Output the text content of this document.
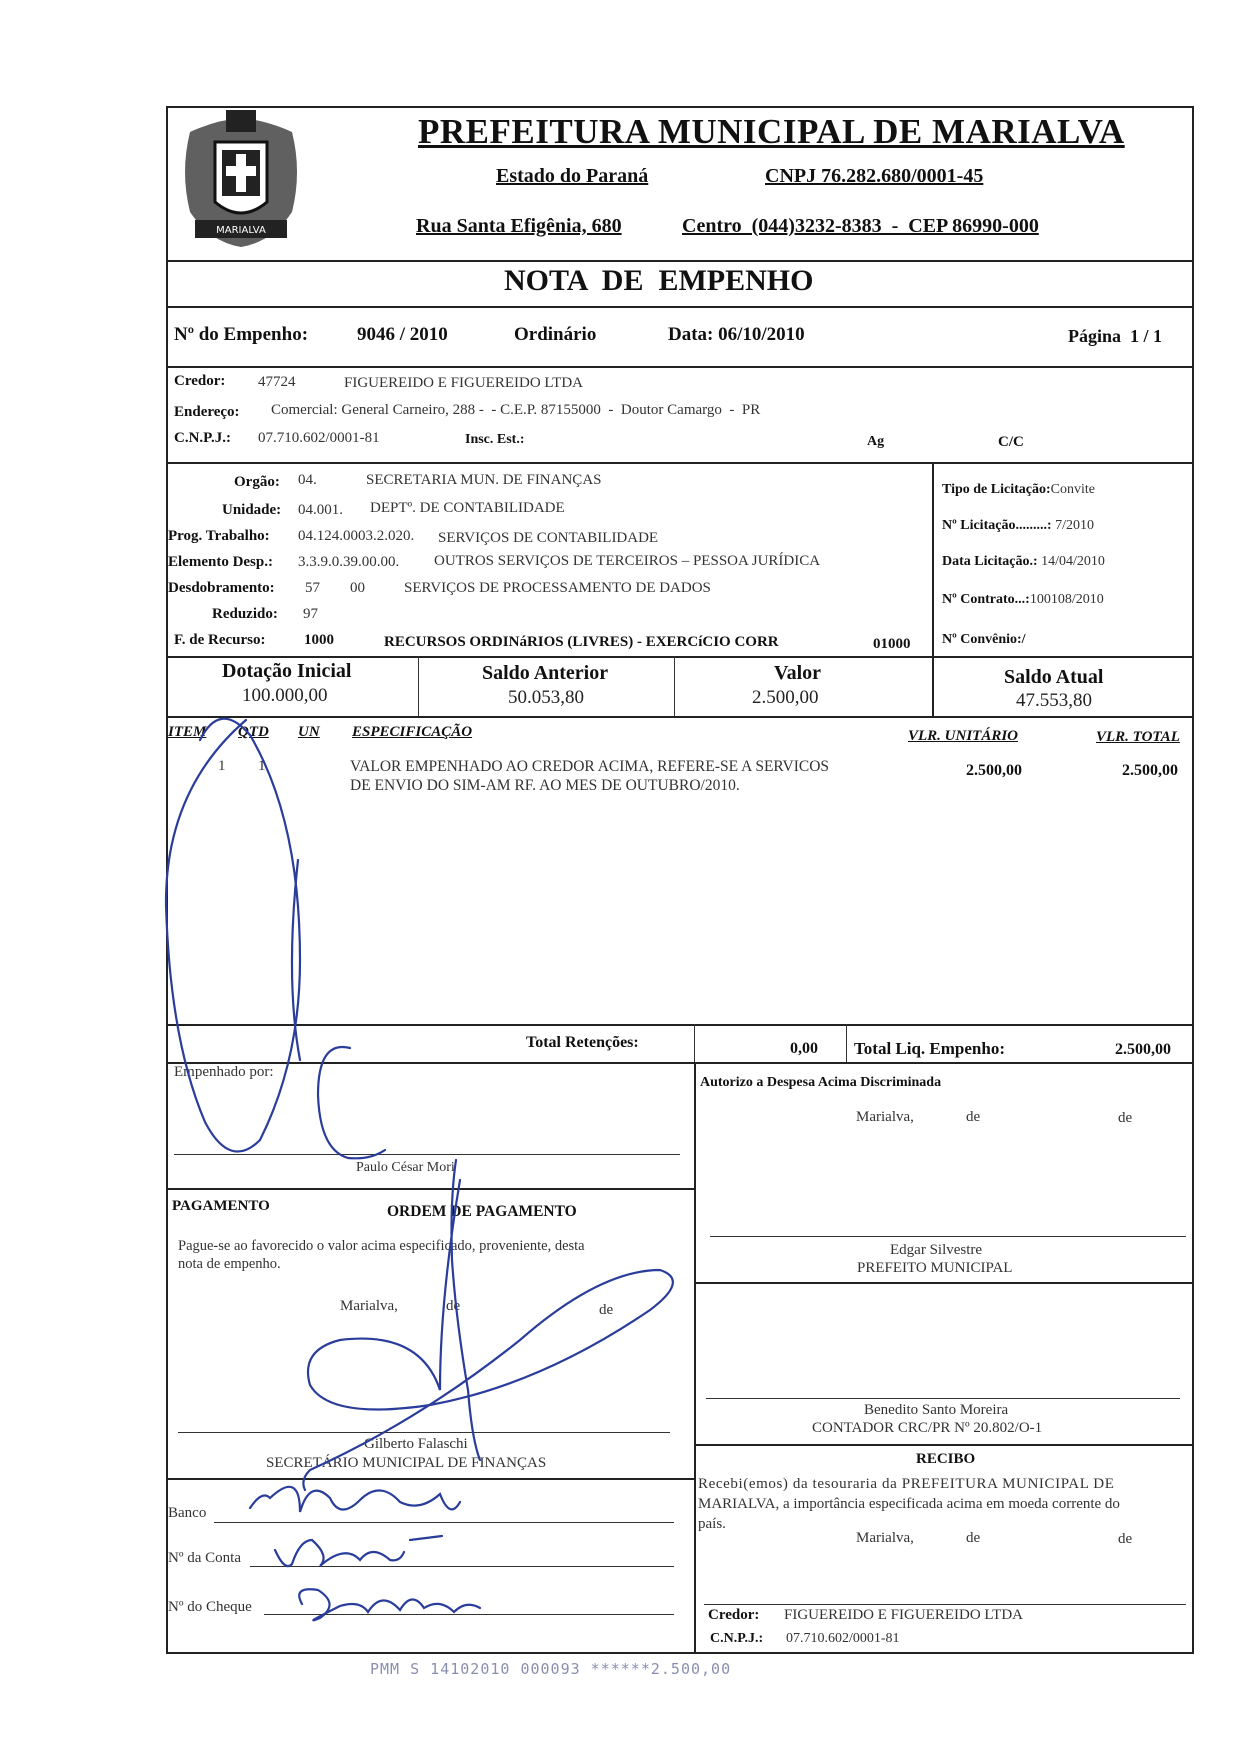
MARIALVA
PREFEITURA MUNICIPAL DE MARIALVA
Estado do Paraná	CNPJ 76.282.680/0001-45
Rua Santa Efigênia, 680	Centro  (044)3232-8383  -  CEP 86990-000
NOTA  DE  EMPENHO
Nº do Empenho:	9046 / 2010	Ordinário	Data: 06/10/2010	Página  1 / 1
Credor: 47724	FIGUEREIDO E FIGUEREIDO LTDA
Endereço: Comercial: General Carneiro, 288 -  - C.E.P. 87155000  -  Doutor Camargo  -  PR
C.N.P.J.: 07.710.602/0001-81	Insc. Est.:	Ag	C/C
Orgão: 04.	SECRETARIA MUN. DE FINANÇAS
Unidade: 04.001. DEPTº. DE CONTABILIDADE
Prog. Trabalho: 04.124.0003.2.020. SERVIÇOS DE CONTABILIDADE
Elemento Desp.: 3.3.9.0.39.00.00. OUTROS SERVIÇOS DE TERCEIROS – PESSOA JURÍDICA
Desdobramento: 57 00	SERVIÇOS DE PROCESSAMENTO DE DADOS
Reduzido: 97
F. de Recurso:	1000	RECURSOS ORDINáRIOS (LIVRES) - EXERCíCIO CORR	01000
Tipo de Licitação:Convite
Nº Licitação.........: 7/2010
Data Licitação.: 14/04/2010
Nº Contrato...:100108/2010
Nº Convênio:/
Dotação Inicial
100.000,00
Saldo Anterior
50.053,80
Valor
2.500,00
Saldo Atual
47.553,80
ITEM QTD UN ESPECIFICAÇÃO	VLR. UNITÁRIO	VLR. TOTAL
1 1	VALOR EMPENHADO AO CREDOR ACIMA, REFERE-SE A SERVICOS
DE ENVIO DO SIM-AM RF. AO MES DE OUTUBRO/2010.
2.500,00	2.500,00
Total Retenções:	0,00 Total Liq. Empenho:	2.500,00
Empenhado por:
Paulo César Mori
Autorizo a Despesa Acima Discriminada
Marialva,	de	de
PAGAMENTO	ORDEM DE PAGAMENTO
Pague-se ao favorecido o valor acima especificado, proveniente, desta
nota de empenho.
Marialva,	de	de
Edgar Silvestre
PREFEITO MUNICIPAL
Gilberto Falaschi
SECRETÁRIO MUNICIPAL DE FINANÇAS
Benedito Santo Moreira
CONTADOR CRC/PR Nº 20.802/O-1
Banco
Nº da Conta
Nº do Cheque
RECIBO
Recebi(emos) da tesouraria da PREFEITURA MUNICIPAL DE
MARIALVA, a importância especificada acima em moeda corrente do
país.
Marialva,	de	de
Credor: FIGUEREIDO E FIGUEREIDO LTDA
C.N.P.J.: 07.710.602/0001-81
PMM S 14102010 000093 ******2.500,00
